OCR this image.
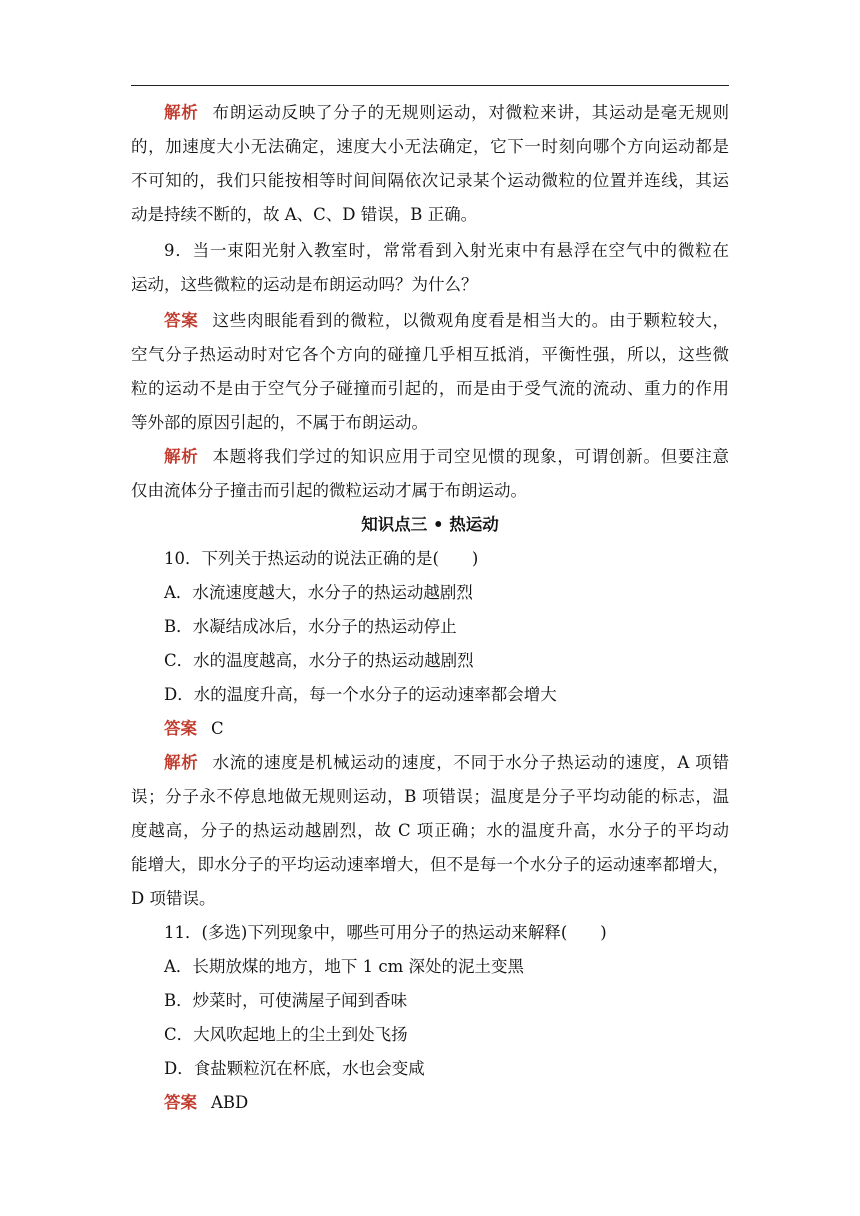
解析 布朗运动反映了分子的无规则运动，对微粒来讲，其运动是毫无规则
的，加速度大小无法确定，速度大小无法确定，它下一时刻向哪个方向运动都是
不可知的，我们只能按相等时间间隔依次记录某个运动微粒的位置并连线，其运
动是持续不断的，故 A、C、D 错误，B 正确。
9．当一束阳光射入教室时，常常看到入射光束中有悬浮在空气中的微粒在
运动，这些微粒的运动是布朗运动吗？为什么？
答案 这些肉眼能看到的微粒，以微观角度看是相当大的。由于颗粒较大，
空气分子热运动时对它各个方向的碰撞几乎相互抵消，平衡性强，所以，这些微
粒的运动不是由于空气分子碰撞而引起的，而是由于受气流的流动、重力的作用
等外部的原因引起的，不属于布朗运动。
解析 本题将我们学过的知识应用于司空见惯的现象，可谓创新。但要注意
仅由流体分子撞击而引起的微粒运动才属于布朗运动。
知识点三 • 热运动
10．下列关于热运动的说法正确的是(　　)
A．水流速度越大，水分子的热运动越剧烈
B．水凝结成冰后，水分子的热运动停止
C．水的温度越高，水分子的热运动越剧烈
D．水的温度升高，每一个水分子的运动速率都会增大
答案 C
解析 水流的速度是机械运动的速度，不同于水分子热运动的速度，A 项错
误；分子永不停息地做无规则运动，B 项错误；温度是分子平均动能的标志，温
度越高，分子的热运动越剧烈，故 C 项正确；水的温度升高，水分子的平均动
能增大，即水分子的平均运动速率增大，但不是每一个水分子的运动速率都增大，
D 项错误。
11．(多选)下列现象中，哪些可用分子的热运动来解释(　　)
A．长期放煤的地方，地下 1 cm 深处的泥土变黑
B．炒菜时，可使满屋子闻到香味
C．大风吹起地上的尘土到处飞扬
D．食盐颗粒沉在杯底，水也会变咸
答案 ABD
